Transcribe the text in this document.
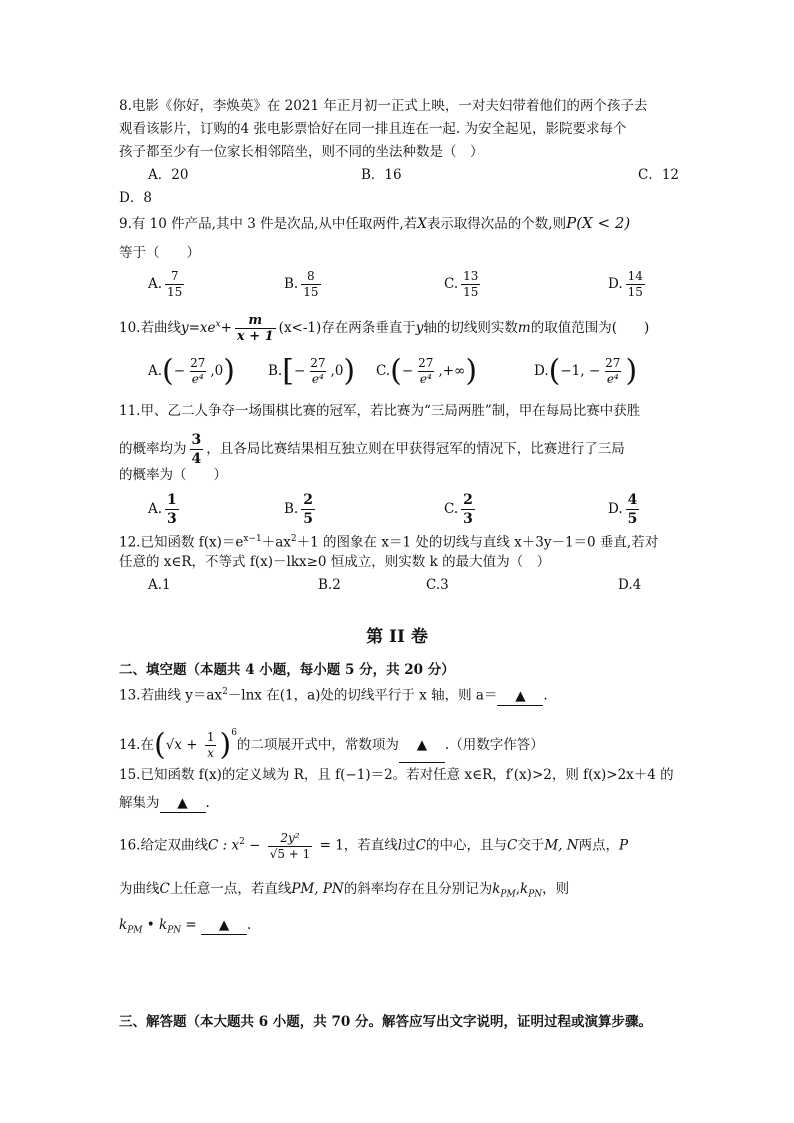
8.电影《你好，李焕英》在 2021 年正月初一正式上映，一对夫妇带着他们的两个孩子去
观看该影片，订购的4 张电影票恰好在同一排且连在一起. 为安全起见，影院要求每个
孩子都至少有一位家长相邻陪坐，则不同的坐法种数是（　）
A．20	B．16	C．12
D．8
9.有 10 件产品,其中 3 件是次品,从中任取两件,若X表示取得次品的个数,则P(X < 2)
等于（　　）
A. $\frac{7}{15}$	B. $\frac{8}{15}$	C. $\frac{13}{15}$	D. $\frac{14}{15}$
10.若曲线$y=xe^x+ \frac{m}{x + 1} (x<-1)$存在两条垂直于y轴的切线则实数m的取值范围为(　　)
$A.(- \frac{27}{\text{e⁴}} ,0)$ $B.[- \frac{27}{\text{e⁴}} ,0)$ $C.(- \frac{27}{\text{e⁴}}$ ,+∞)	D.(−1, − $\frac{27}{\text{e⁴}}$ )
11.甲、乙二人争夺一场围棋比赛的冠军，若比赛为“三局两胜”制，甲在每局比赛中获胜
的概率均为 $\frac{3}{4}$ ，且各局比赛结果相互独立则在甲获得冠军的情况下，比赛进行了三局
的概率为（　　）
A. $\frac{1}{3}$	B. $\frac{2}{5}$	C. $\frac{2}{3}$	D. $\frac{4}{5}$
12.已知函数 $f(x)=e^{x-1}+ax^2+1$ 的图象在 x＝1 处的切线与直线 x＋3y－1＝0 垂直,若对
任意的 x∈R，不等式 f(x)－lkx≥0 恒成立，则实数 k 的最大值为（　）
A.1	B.2	C.3	D.4
第 II 卷
二、填空题（本题共 4 小题，每小题 5 分，共 20 分）
13.若曲线 $y=ax^2-\ln x$ 在(1，a)处的切线平行于 x 轴，则 a＝ ▲ .
14.在$(√x + \frac{1}{x} )^6$的二项展开式中，常数项为 ▲ .（用数字作答）
15.已知函数 f(x)的定义域为 R，且 f(−1)＝2。若对任意 x∈R，f′(x)>2，则 f(x)>2x＋4 的
解集为 ▲ .
16.给定双曲线C : $x^2 - \frac{\text{2y²}}{√5 + 1} = 1$，若直线l过C的中心，且与C交于M, N两点，P
为曲线C上任意一点，若直线PM, PN的斜率均存在且分别记为$k_{PM},k_{PN}$，则
$k_{PM}$ • $k_{PN}$ = ▲ .
三、解答题（本大题共 6 小题，共 70 分。解答应写出文字说明，证明过程或演算步骤。
